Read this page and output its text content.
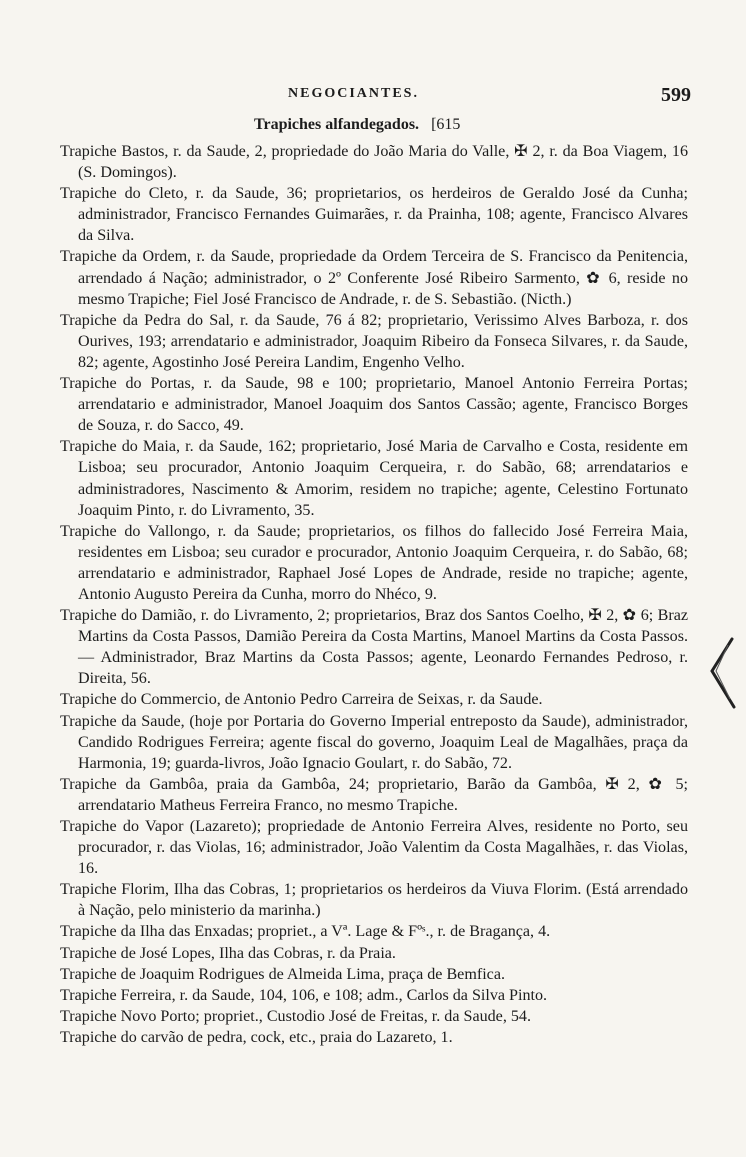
NEGOCIANTES.	599
Trapiches alfandegados. [615

Trapiche Bastos, r. da Saude, 2, propriedade do João Maria do Valle, ✠ 2, r. da Boa Viagem, 16 (S. Domingos).

Trapiche do Cleto, r. da Saude, 36; proprietarios, os herdeiros de Geraldo José da Cunha; administrador, Francisco Fernandes Guimarães, r. da Prainha, 108; agente, Francisco Alvares da Silva.

Trapiche da Ordem, r. da Saude, propriedade da Ordem Terceira de S. Francisco da Penitencia, arrendado á Nação; administrador, o 2º Conferente José Ribeiro Sarmento, ✿ 6, reside no mesmo Trapiche; Fiel José Francisco de Andrade, r. de S. Sebastião. (Nicth.)

Trapiche da Pedra do Sal, r. da Saude, 76 á 82; proprietario, Verissimo Alves Barboza, r. dos Ourives, 193; arrendatario e administrador, Joaquim Ribeiro da Fonseca Silvares, r. da Saude, 82; agente, Agostinho José Pereira Landim, Engenho Velho.

Trapiche do Portas, r. da Saude, 98 e 100; proprietario, Manoel Antonio Ferreira Portas; arrendatario e administrador, Manoel Joaquim dos Santos Cassão; agente, Francisco Borges de Souza, r. do Sacco, 49.

Trapiche do Maia, r. da Saude, 162; proprietario, José Maria de Carvalho e Costa, residente em Lisboa; seu procurador, Antonio Joaquim Cerqueira, r. do Sabão, 68; arrendatarios e administradores, Nascimento & Amorim, residem no trapiche; agente, Celestino Fortunato Joaquim Pinto, r. do Livramento, 35.

Trapiche do Vallongo, r. da Saude; proprietarios, os filhos do fallecido José Ferreira Maia, residentes em Lisboa; seu curador e procurador, Antonio Joaquim Cerqueira, r. do Sabão, 68; arrendatario e administrador, Raphael José Lopes de Andrade, reside no trapiche; agente, Antonio Augusto Pereira da Cunha, morro do Nhéco, 9.

Trapiche do Damião, r. do Livramento, 2; proprietarios, Braz dos Santos Coelho, ✠ 2, ✿ 6; Braz Martins da Costa Passos, Damião Pereira da Costa Martins, Manoel Martins da Costa Passos.— Administrador, Braz Martins da Costa Passos; agente, Leonardo Fernandes Pedroso, r. Direita, 56.

Trapiche do Commercio, de Antonio Pedro Carreira de Seixas, r. da Saude.

Trapiche da Saude, (hoje por Portaria do Governo Imperial entreposto da Saude), administrador, Candido Rodrigues Ferreira; agente fiscal do governo, Joaquim Leal de Magalhães, praça da Harmonia, 19; guarda-livros, João Ignacio Goulart, r. do Sabão, 72.

Trapiche da Gambôa, praia da Gambôa, 24; proprietario, Barão da Gambôa, ✠ 2, ✿ 5; arrendatario Matheus Ferreira Franco, no mesmo Trapiche.

Trapiche do Vapor (Lazareto); propriedade de Antonio Ferreira Alves, residente no Porto, seu procurador, r. das Violas, 16; administrador, João Valentim da Costa Magalhães, r. das Violas, 16.

Trapiche Florim, Ilha das Cobras, 1; proprietarios os herdeiros da Viuva Florim. (Está arrendado à Nação, pelo ministerio da marinha.)

Trapiche da Ilha das Enxadas; propriet., a Vª. Lage & Fºˢ., r. de Bragança, 4.

Trapiche de José Lopes, Ilha das Cobras, r. da Praia.

Trapiche de Joaquim Rodrigues de Almeida Lima, praça de Bemfica.

Trapiche Ferreira, r. da Saude, 104, 106, e 108; adm., Carlos da Silva Pinto.

Trapiche Novo Porto; propriet., Custodio José de Freitas, r. da Saude, 54.

Trapiche do carvão de pedra, cock, etc., praia do Lazareto, 1.
